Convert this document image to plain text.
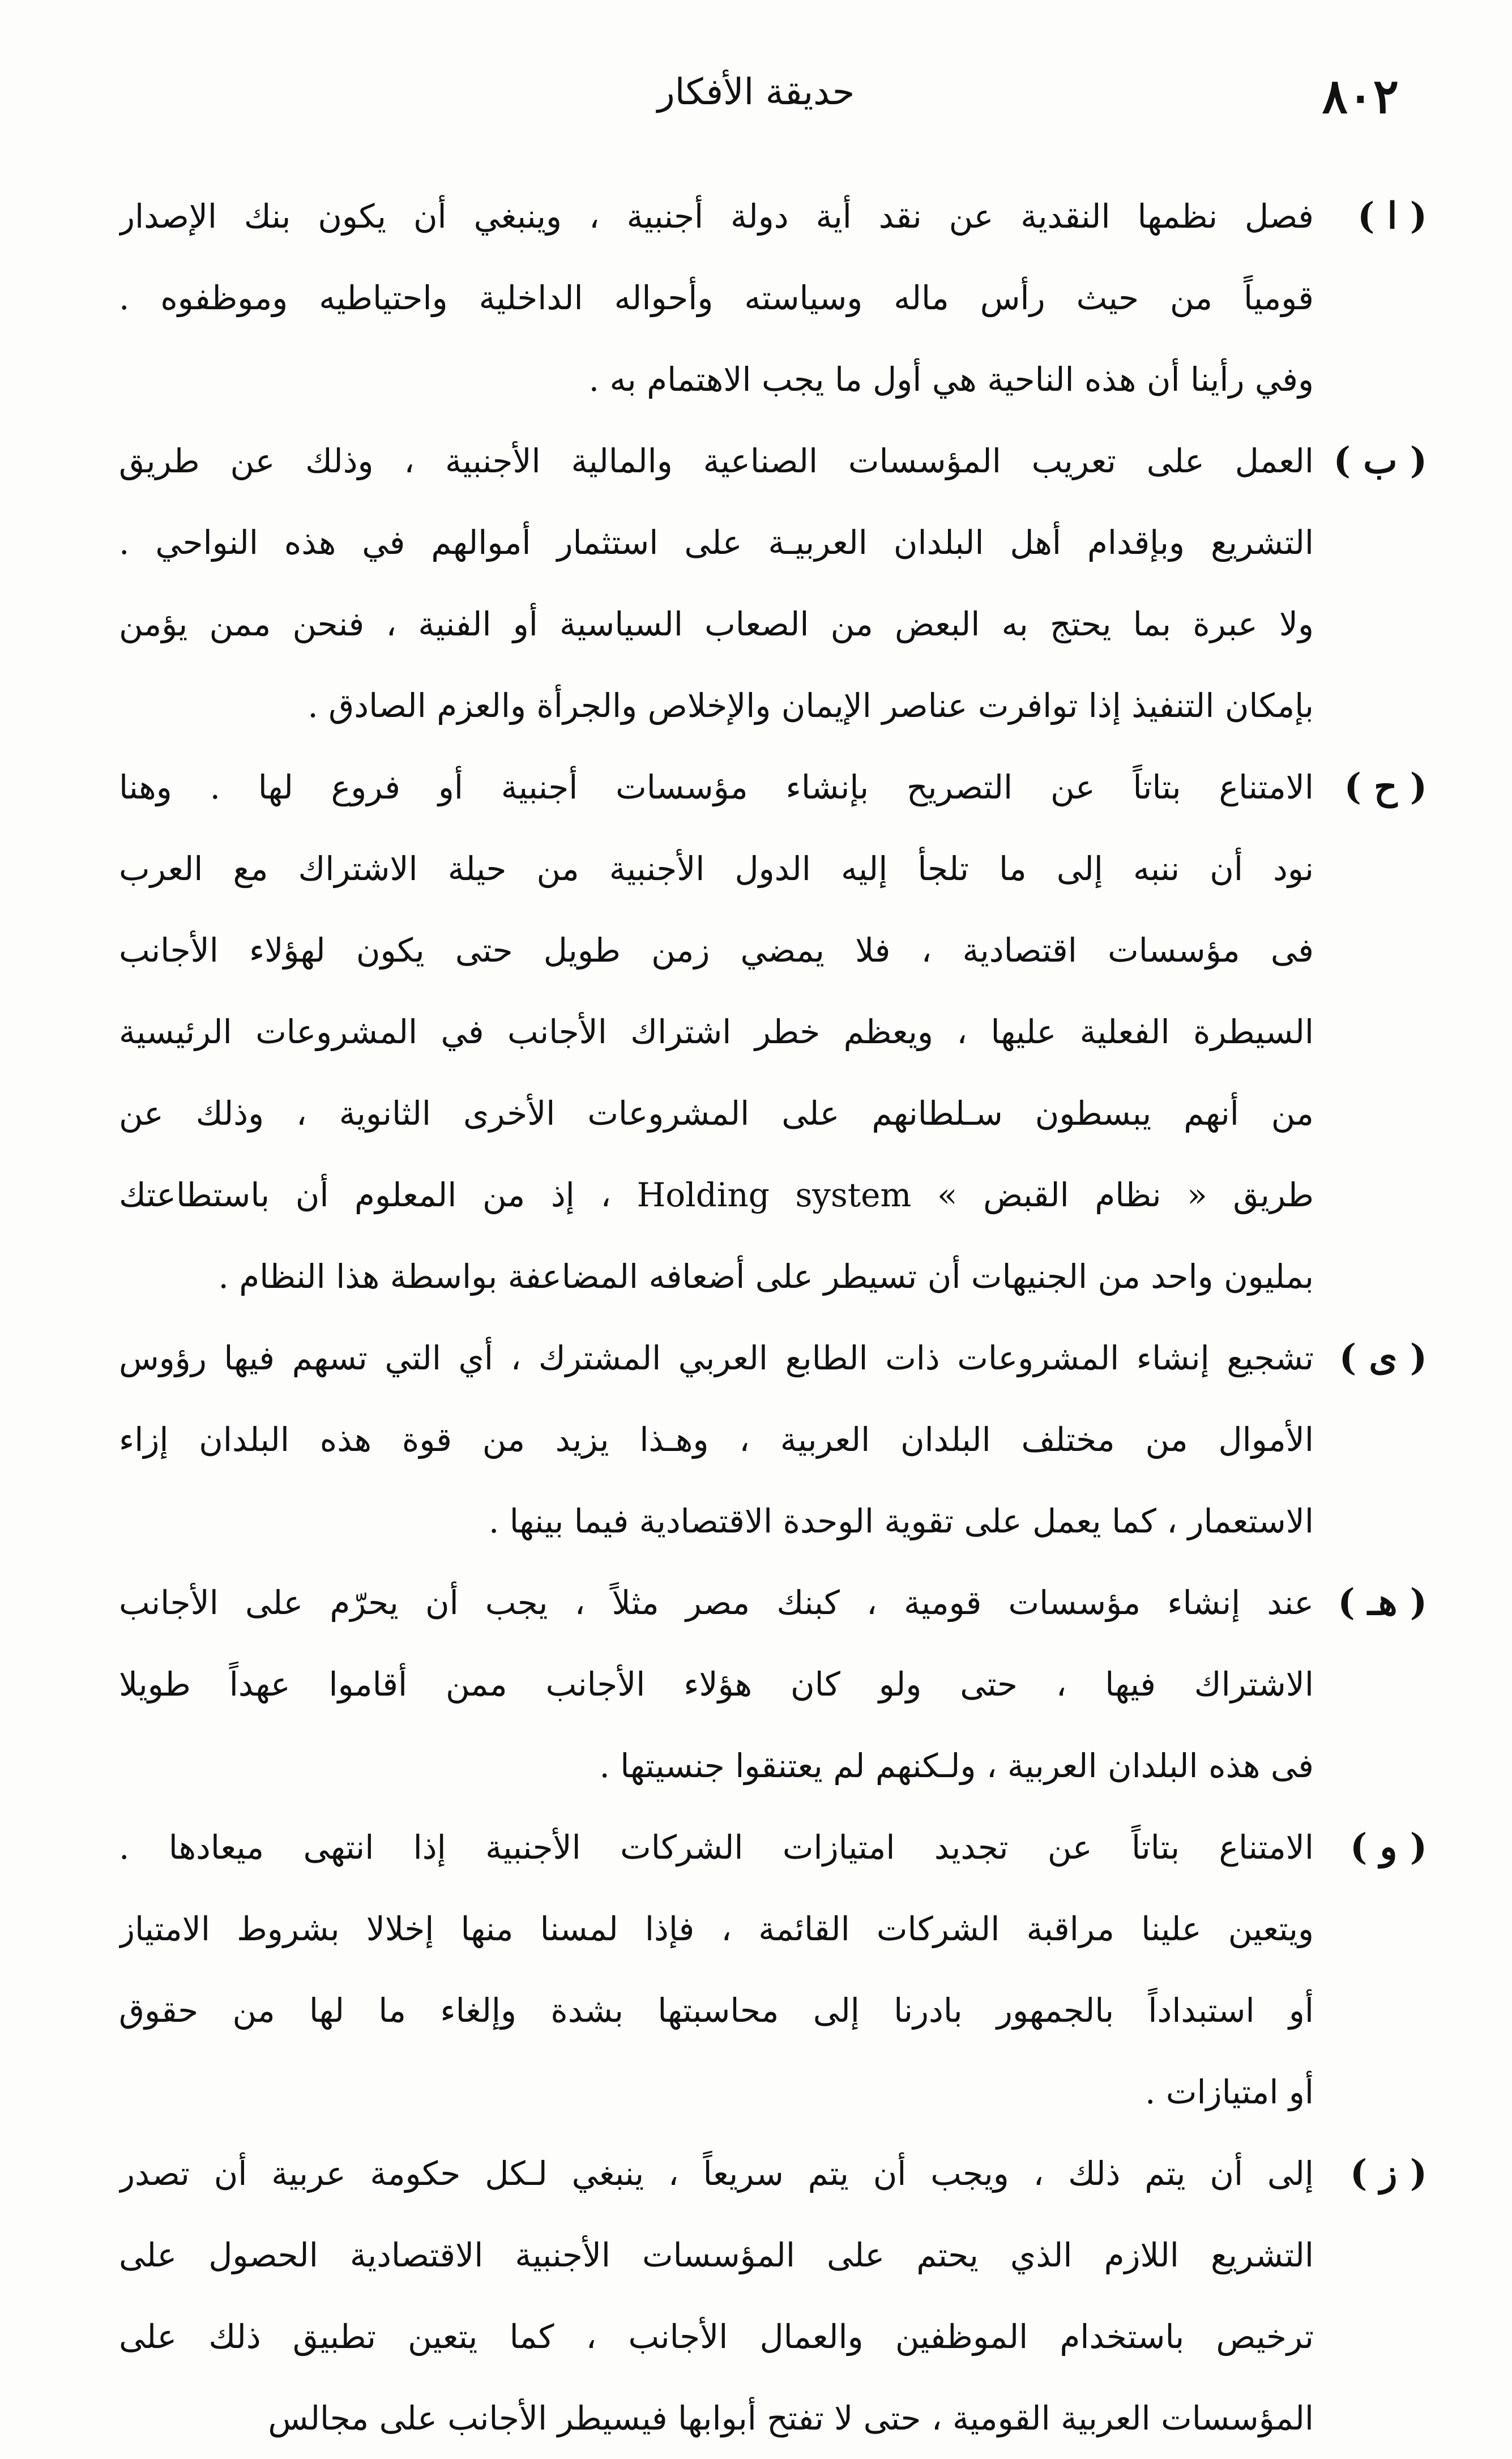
٨٠٢
حديقة الأفكار
( ا )
فصل نظمها النقدية عن نقد أية دولة أجنبية ، وينبغي أن يكون بنك الإصدار
قومياً من حيث رأس ماله وسياسته وأحواله الداخلية واحتياطيه وموظفوه .
وفي رأينا أن هذه الناحية هي أول ما يجب الاهتمام به .
( ب )
العمل على تعريب المؤسسات الصناعية والمالية الأجنبية ، وذلك عن طريق
التشريع وبإقدام أهل البلدان العربيـة على استثمار أموالهم في هذه النواحي .
ولا عبرة بما يحتج به البعض من الصعاب السياسية أو الفنية ، فنحن ممن يؤمن
بإمكان التنفيذ إذا توافرت عناصر الإيمان والإخلاص والجرأة والعزم الصادق .
( ح )
الامتناع بتاتاً عن التصريح بإنشاء مؤسسات أجنبية أو فروع لها . وهنا
نود أن ننبه إلى ما تلجأ إليه الدول الأجنبية من حيلة الاشتراك مع العرب
فى مؤسسات اقتصادية ، فلا يمضي زمن طويل حتى يكون لهؤلاء الأجانب
السيطرة الفعلية عليها ، ويعظم خطر اشتراك الأجانب في المشروعات الرئيسية
من أنهم يبسطون سـلطانهم على المشروعات الأخرى الثانوية ، وذلك عن
طريق « نظام القبض » Holding system ، إذ من المعلوم أن باستطاعتك
بمليون واحد من الجنيهات أن تسيطر على أضعافه المضاعفة بواسطة هذا النظام .
( ى )
تشجيع إنشاء المشروعات ذات الطابع العربي المشترك ، أي التي تسهم فيها رؤوس
الأموال من مختلف البلدان العربية ، وهـذا يزيد من قوة هذه البلدان إزاء
الاستعمار ، كما يعمل على تقوية الوحدة الاقتصادية فيما بينها .
( هـ )
عند إنشاء مؤسسات قومية ، كبنك مصر مثلاً ، يجب أن يحرّم على الأجانب
الاشتراك فيها ، حتى ولو كان هؤلاء الأجانب ممن أقاموا عهداً طويلا
فى هذه البلدان العربية ، ولـكنهم لم يعتنقوا جنسيتها .
( و )
الامتناع بتاتاً عن تجديد امتيازات الشركات الأجنبية إذا انتهى ميعادها .
ويتعين علينا مراقبة الشركات القائمة ، فإذا لمسنا منها إخلالا بشروط الامتياز
أو استبداداً بالجمهور بادرنا إلى محاسبتها بشدة وإلغاء ما لها من حقوق
أو امتيازات .
( ز )
إلى أن يتم ذلك ، ويجب أن يتم سريعاً ، ينبغي لـكل حكومة عربية أن تصدر
التشريع اللازم الذي يحتم على المؤسسات الأجنبية الاقتصادية الحصول على
ترخيص باستخدام الموظفين والعمال الأجانب ، كما يتعين تطبيق ذلك على
المؤسسات العربية القومية ، حتى لا تفتح أبوابها فيسيطر الأجانب على مجالس
